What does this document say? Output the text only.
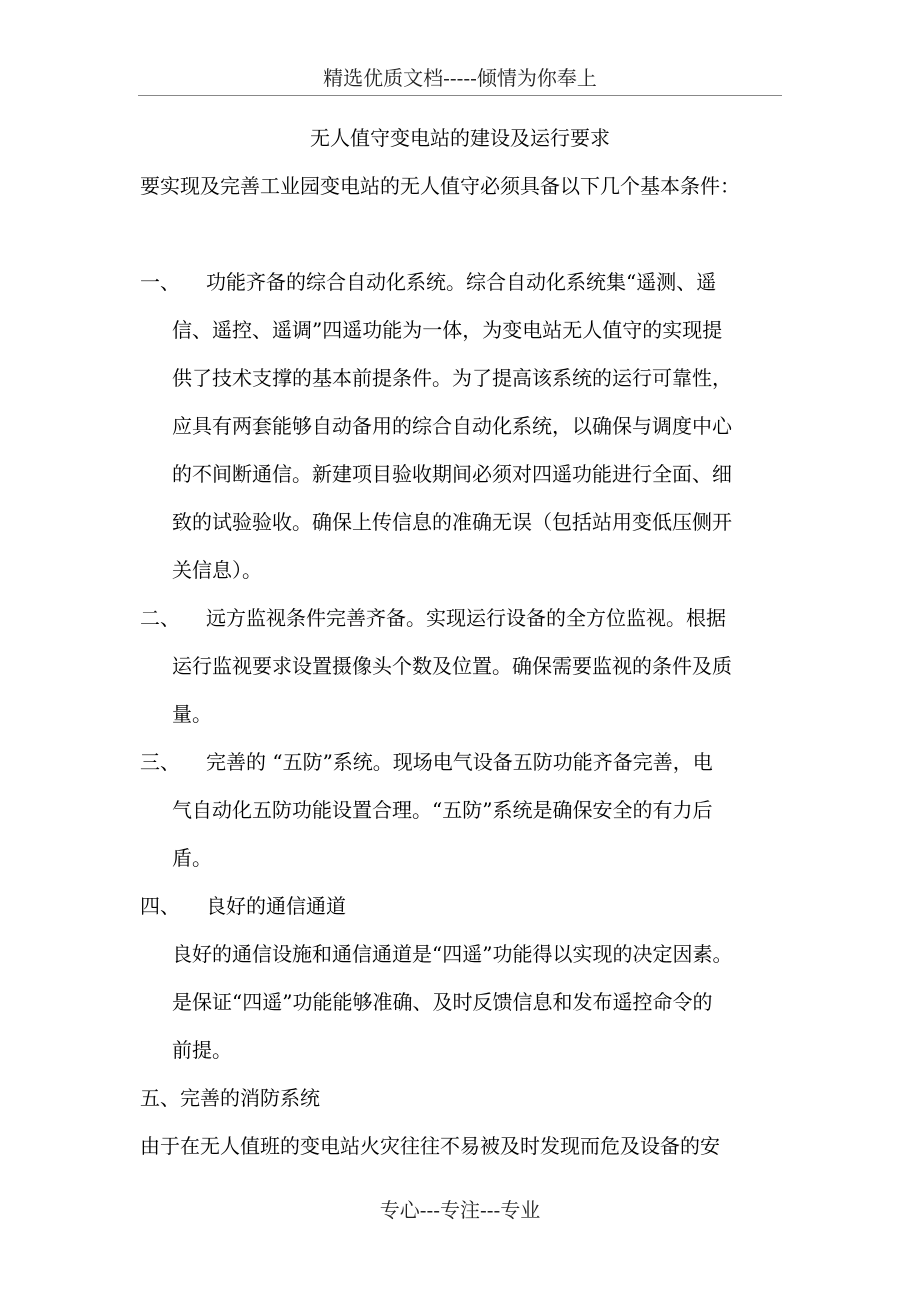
精选优质文档-----倾情为你奉上
无人值守变电站的建设及运行要求
要实现及完善工业园变电站的无人值守必须具备以下几个基本条件：
一、 功能齐备的综合自动化系统。综合自动化系统集“遥测、遥
信、遥控、遥调”四遥功能为一体，为变电站无人值守的实现提
供了技术支撑的基本前提条件。为了提高该系统的运行可靠性，
应具有两套能够自动备用的综合自动化系统，以确保与调度中心
的不间断通信。新建项目验收期间必须对四遥功能进行全面、细
致的试验验收。确保上传信息的准确无误（包括站用变低压侧开
关信息）。
二、 远方监视条件完善齐备。实现运行设备的全方位监视。根据
运行监视要求设置摄像头个数及位置。确保需要监视的条件及质
量。
三、 完善的 “五防”系统。现场电气设备五防功能齐备完善，电
气自动化五防功能设置合理。“五防”系统是确保安全的有力后
盾。
四、 良好的通信通道
良好的通信设施和通信通道是“四遥”功能得以实现的决定因素。
是保证“四遥”功能能够准确、及时反馈信息和发布遥控命令的
前提。
五、完善的消防系统
由于在无人值班的变电站火灾往往不易被及时发现而危及设备的安
专心---专注---专业
